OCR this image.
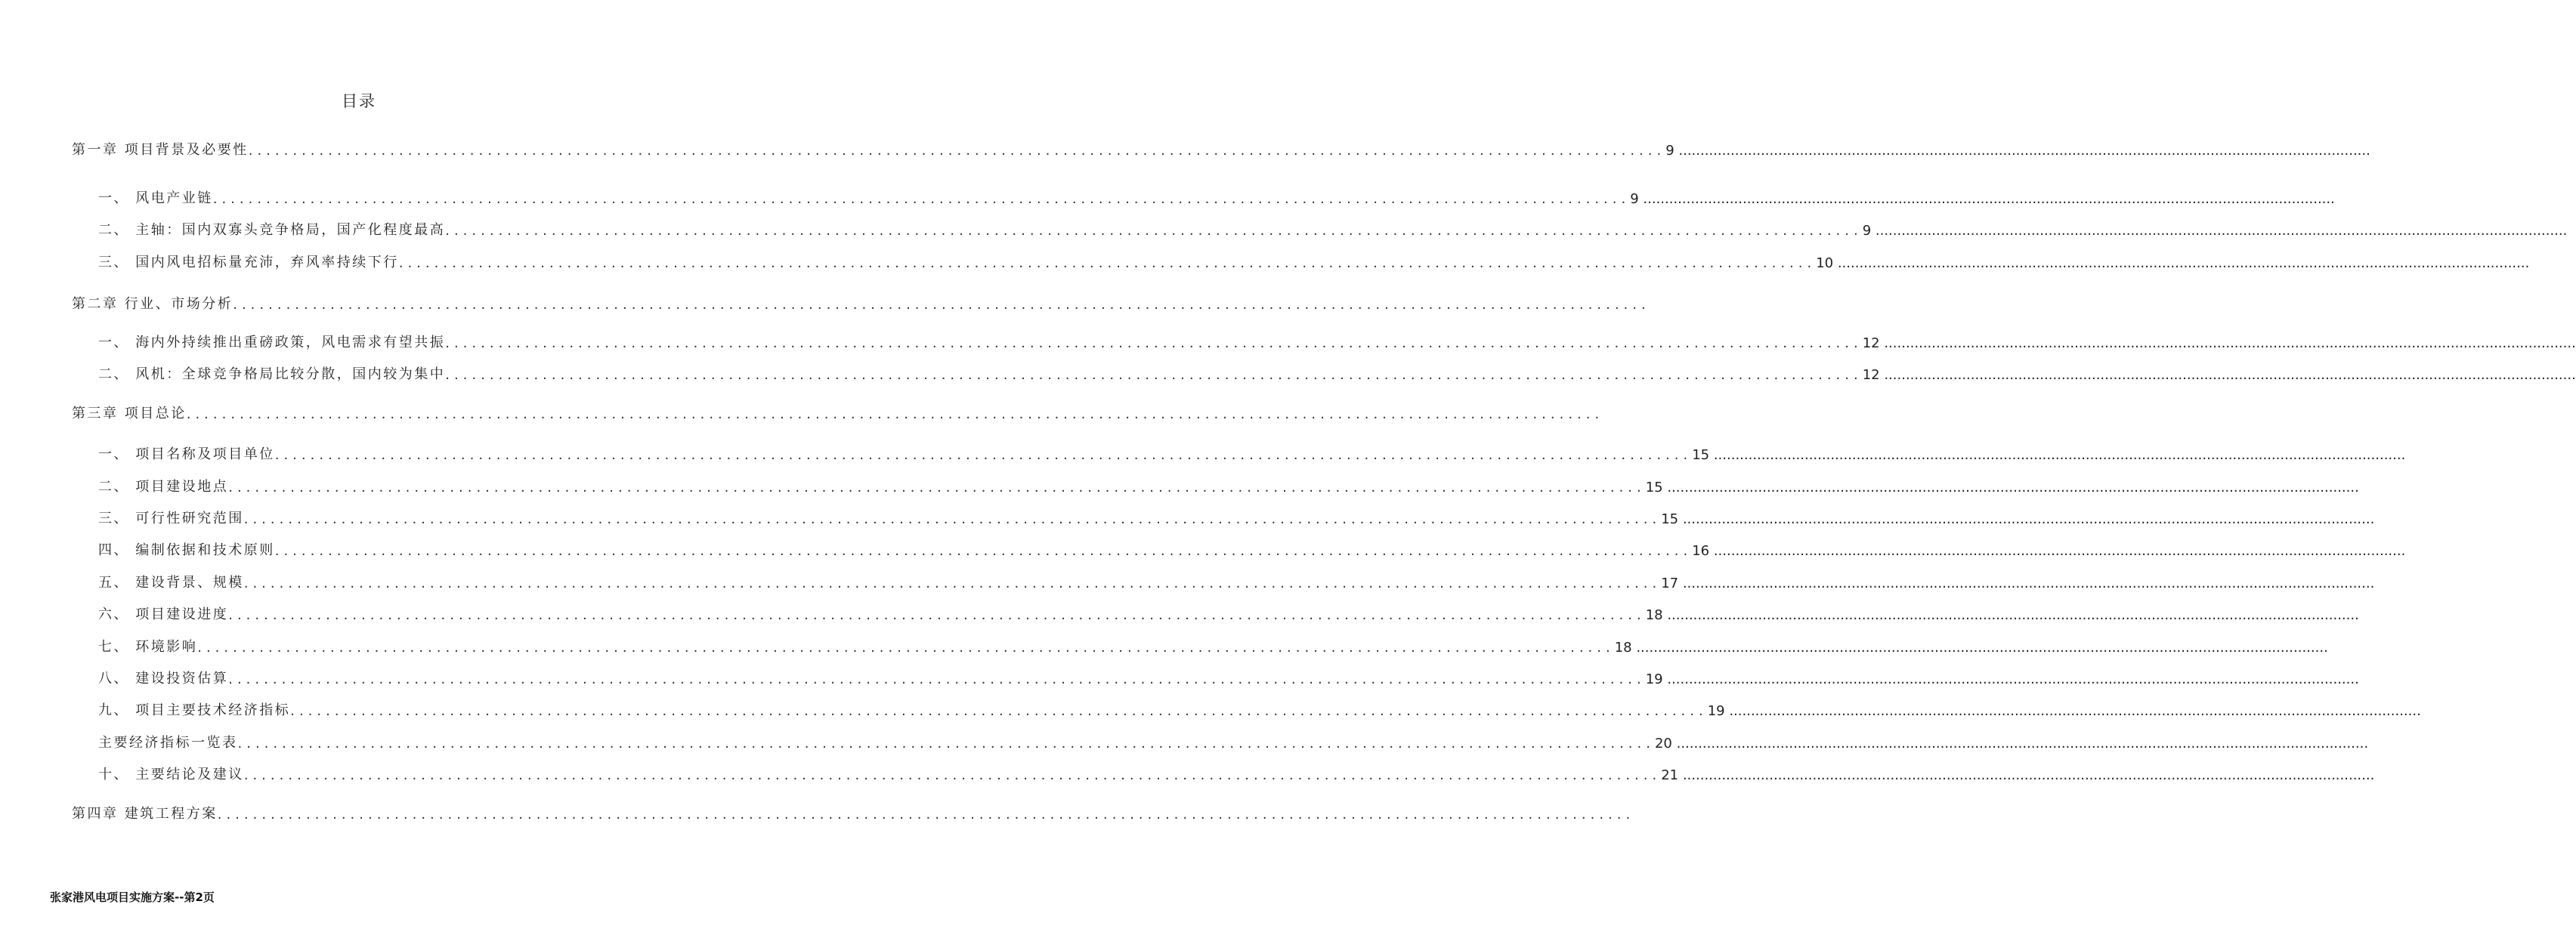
目录
第一章 项目背景及必要性 ................................................................................................................................................................ 9 ................................................................................................................................................................
一、 风电产业链 ................................................................................................................................................................ 9 ................................................................................................................................................................
二、 主轴：国内双寡头竞争格局，国产化程度最高 ................................................................................................................................................................ 9 ................................................................................................................................................................
三、 国内风电招标量充沛，弃风率持续下行 ................................................................................................................................................................ 10 ................................................................................................................................................................
第二章 行业、市场分析 ................................................................................................................................................................
一、 海内外持续推出重磅政策，风电需求有望共振 ................................................................................................................................................................ 12 ................................................................................................................................................................
二、 风机：全球竞争格局比较分散，国内较为集中 ................................................................................................................................................................ 12 ................................................................................................................................................................
第三章 项目总论 ................................................................................................................................................................
一、 项目名称及项目单位 ................................................................................................................................................................ 15 ................................................................................................................................................................
二、 项目建设地点 ................................................................................................................................................................ 15 ................................................................................................................................................................
三、 可行性研究范围 ................................................................................................................................................................ 15 ................................................................................................................................................................
四、 编制依据和技术原则 ................................................................................................................................................................ 16 ................................................................................................................................................................
五、 建设背景、规模 ................................................................................................................................................................ 17 ................................................................................................................................................................
六、 项目建设进度 ................................................................................................................................................................ 18 ................................................................................................................................................................
七、 环境影响 ................................................................................................................................................................ 18 ................................................................................................................................................................
八、 建设投资估算 ................................................................................................................................................................ 19 ................................................................................................................................................................
九、 项目主要技术经济指标 ................................................................................................................................................................ 19 ................................................................................................................................................................
主要经济指标一览表 ................................................................................................................................................................ 20 ................................................................................................................................................................
十、 主要结论及建议 ................................................................................................................................................................ 21 ................................................................................................................................................................
第四章 建筑工程方案 ................................................................................................................................................................
张家港风电项目实施方案--第2页
